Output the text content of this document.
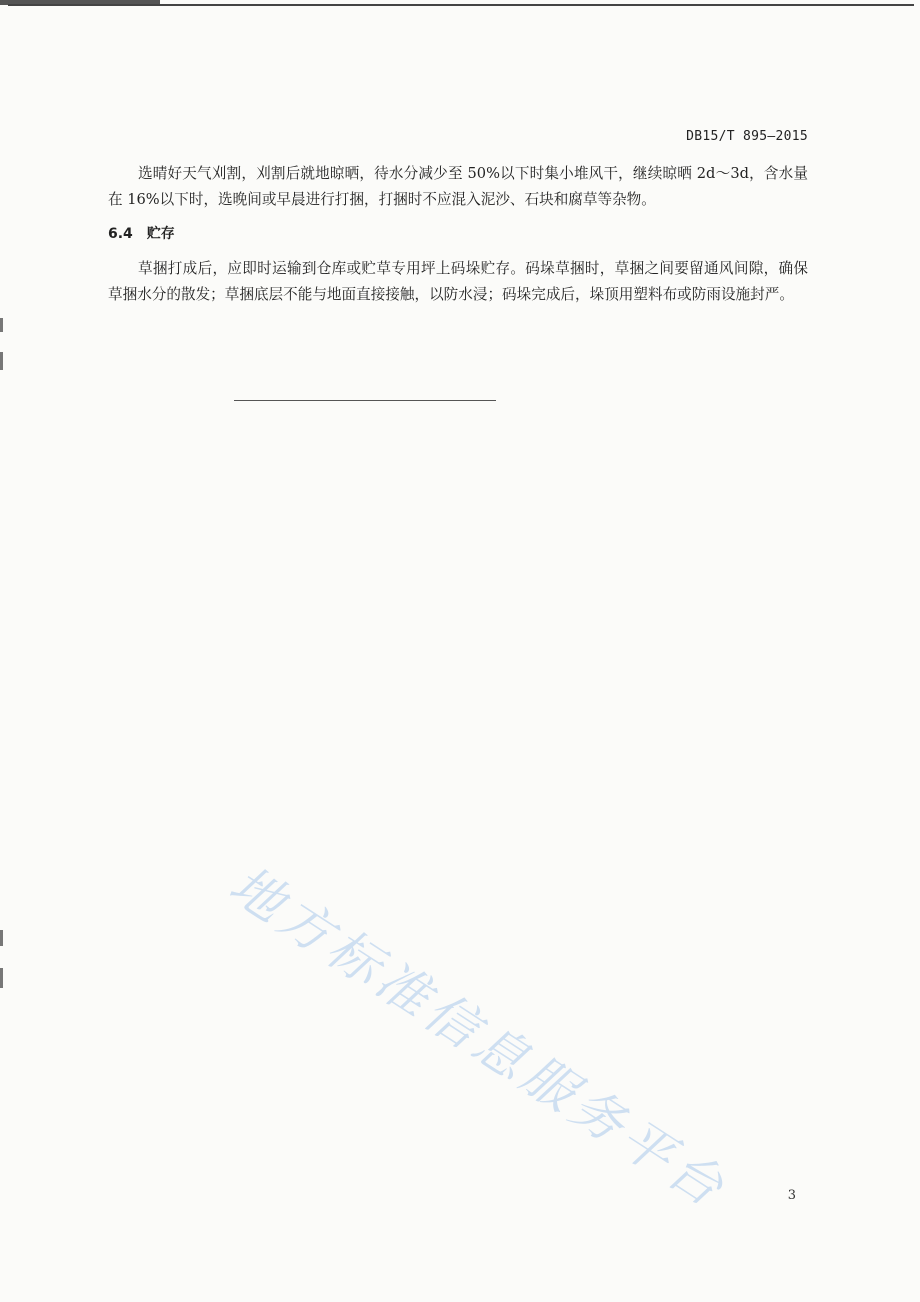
DB15/T 895—2015

选晴好天气刈割，刈割后就地晾晒，待水分减少至 50%以下时集小堆风干，继续晾晒 2d～3d，含水量在 16%以下时，选晚间或早晨进行打捆，打捆时不应混入泥沙、石块和腐草等杂物。

6.4 贮存

草捆打成后，应即时运输到仓库或贮草专用坪上码垛贮存。码垛草捆时，草捆之间要留通风间隙，确保草捆水分的散发；草捆底层不能与地面直接接触，以防水浸；码垛完成后，垛顶用塑料布或防雨设施封严。

地方标准信息服务平台	3
